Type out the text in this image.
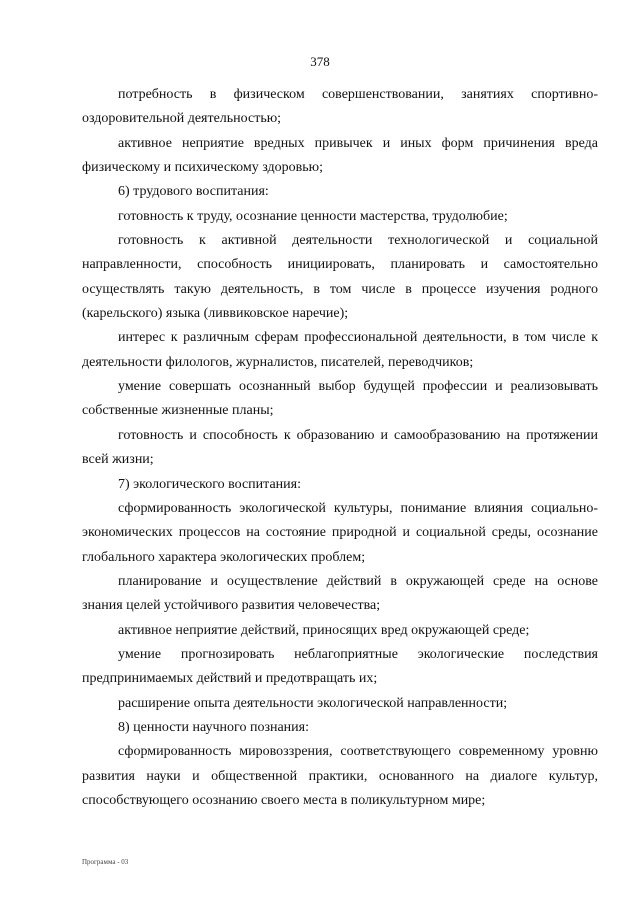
378

потребность в физическом совершенствовании, занятиях спортивно-оздоровительной деятельностью;

активное неприятие вредных привычек и иных форм причинения вреда физическому и психическому здоровью;

6) трудового воспитания:

готовность к труду, осознание ценности мастерства, трудолюбие;

готовность к активной деятельности технологической и социальной направленности, способность инициировать, планировать и самостоятельно осуществлять такую деятельность, в том числе в процессе изучения родного (карельского) языка (ливвиковское наречие);

интерес к различным сферам профессиональной деятельности, в том числе к деятельности филологов, журналистов, писателей, переводчиков;

умение совершать осознанный выбор будущей профессии и реализовывать собственные жизненные планы;

готовность и способность к образованию и самообразованию на протяжении всей жизни;

7) экологического воспитания:

сформированность экологической культуры, понимание влияния социально-экономических процессов на состояние природной и социальной среды, осознание глобального характера экологических проблем;

планирование и осуществление действий в окружающей среде на основе знания целей устойчивого развития человечества;

активное неприятие действий, приносящих вред окружающей среде;

умение прогнозировать неблагоприятные экологические последствия предпринимаемых действий и предотвращать их;

расширение опыта деятельности экологической направленности;

8) ценности научного познания:

сформированность мировоззрения, соответствующего современному уровню развития науки и общественной практики, основанного на диалоге культур, способствующего осознанию своего места в поликультурном мире;

Программа - 03
